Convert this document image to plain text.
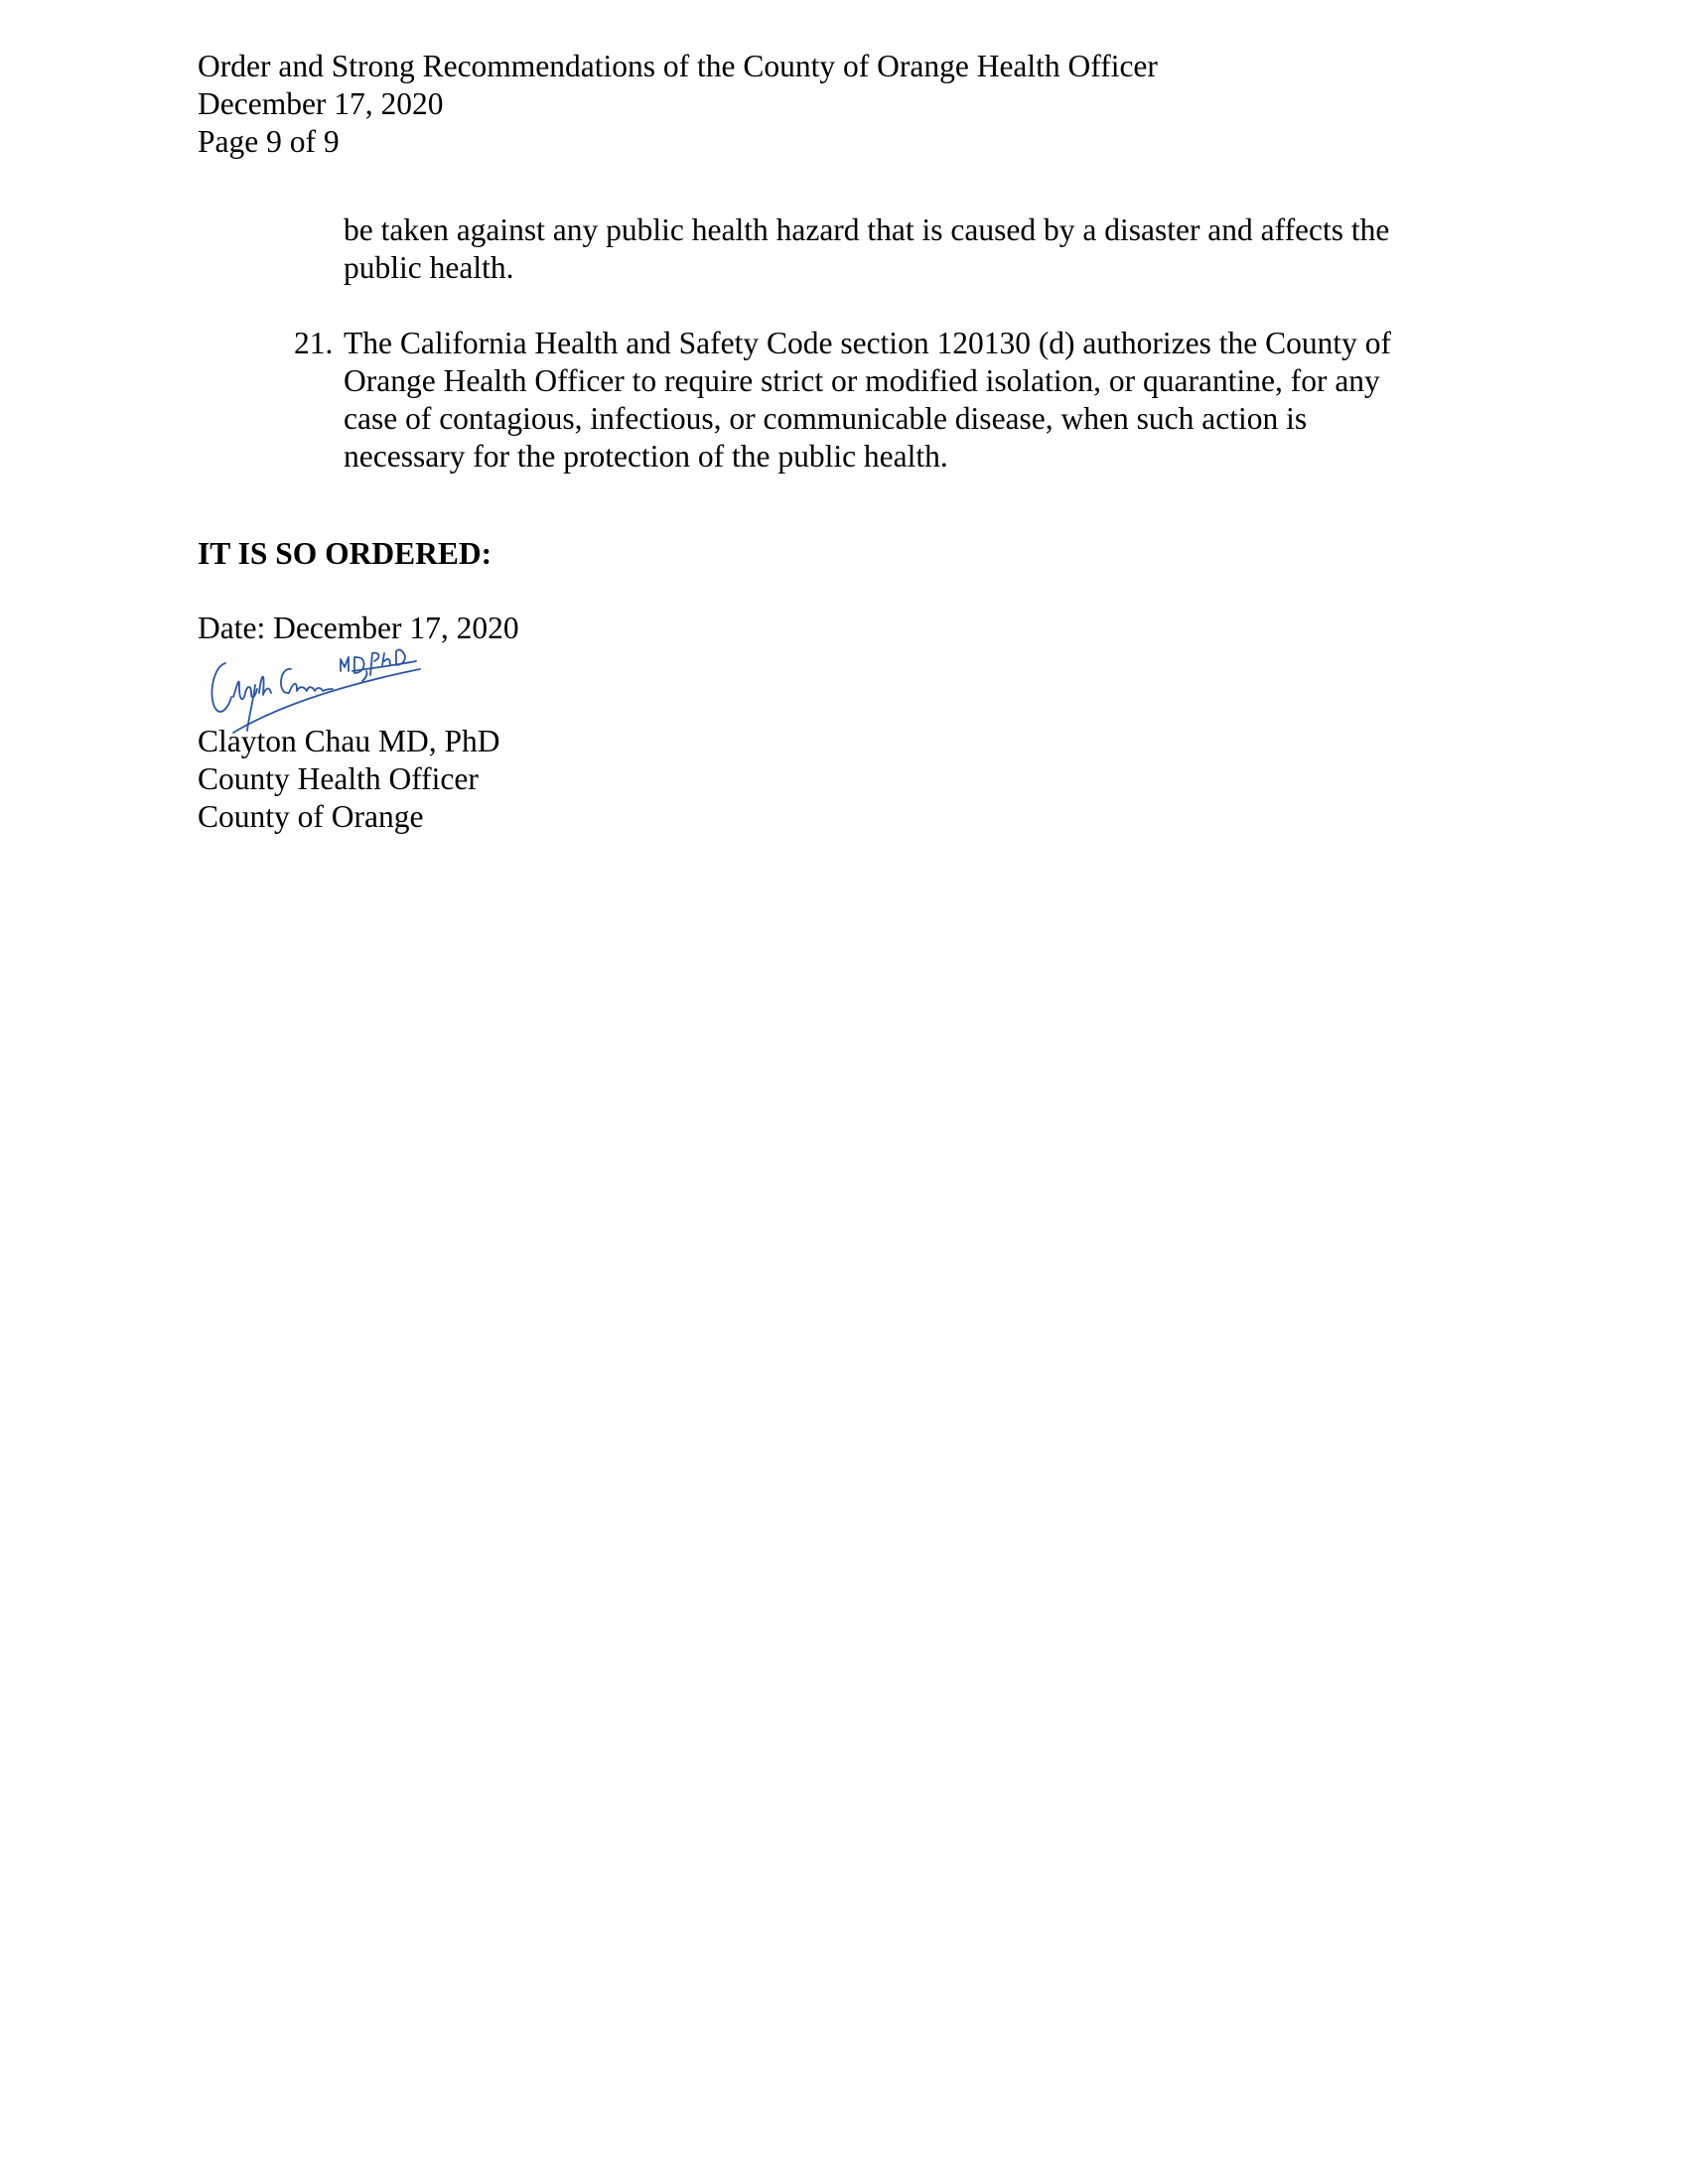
Order and Strong Recommendations of the County of Orange Health Officer
December 17, 2020
Page 9 of 9
be taken against any public health hazard that is caused by a disaster and affects the
public health.
21. The California Health and Safety Code section 120130 (d) authorizes the County of
Orange Health Officer to require strict or modified isolation, or quarantine, for any
case of contagious, infectious, or communicable disease, when such action is
necessary for the protection of the public health.
IT IS SO ORDERED:
Date: December 17, 2020
Clayton Chau MD, PhD
County Health Officer
County of Orange
